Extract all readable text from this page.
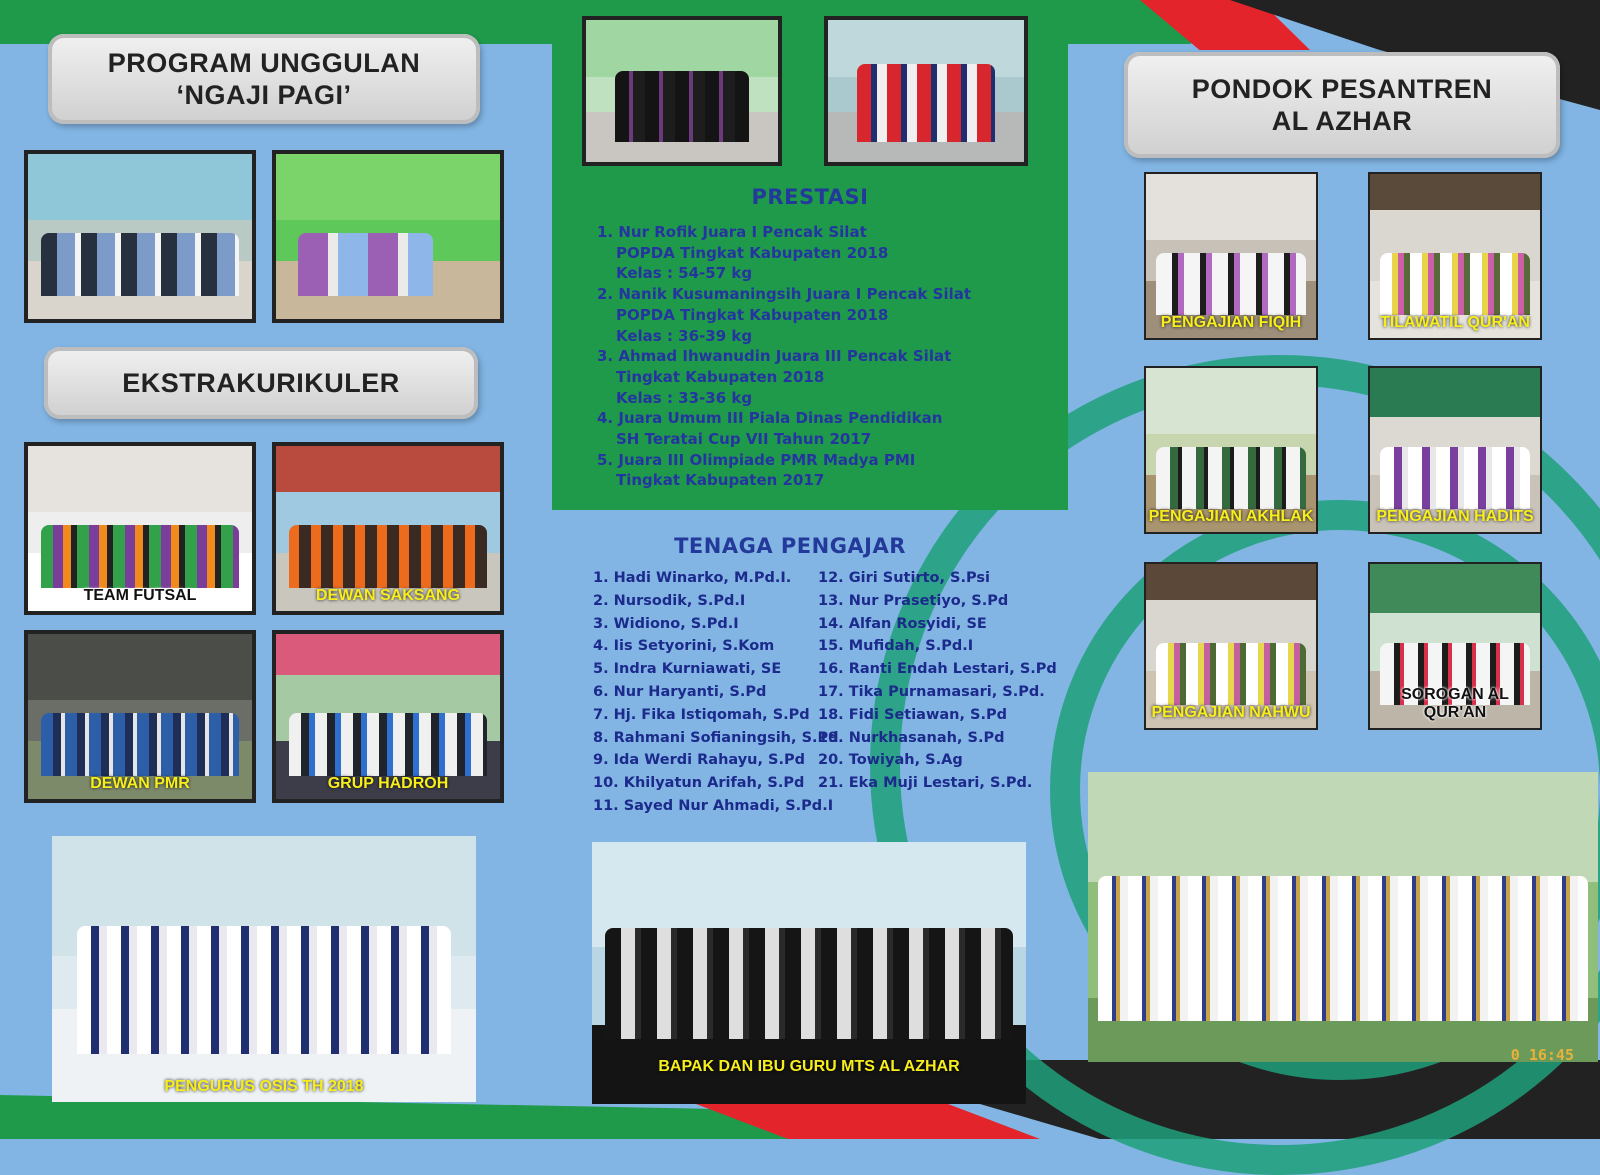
PROGRAM UNGGULAN
‘NGAJI PAGI’
EKSTRAKURIKULER
TEAM FUTSAL	DEWAN SAKSANG
DEWAN PMR	GRUP HADROH
PENGURUS OSIS TH 2018
PRESTASI
1. Nur Rofik Juara I Pencak Silat
POPDA Tingkat Kabupaten 2018
Kelas : 54-57 kg
2. Nanik Kusumaningsih Juara I Pencak Silat
POPDA Tingkat Kabupaten 2018
Kelas : 36-39 kg
3. Ahmad Ihwanudin Juara III Pencak Silat
Tingkat Kabupaten 2018
Kelas : 33-36 kg
4. Juara Umum III Piala Dinas Pendidikan
SH Teratai Cup VII Tahun 2017
5. Juara III Olimpiade PMR Madya PMI
Tingkat Kabupaten 2017
TENAGA PENGAJAR
1. Hadi Winarko, M.Pd.I.
2. Nursodik, S.Pd.I
3. Widiono, S.Pd.I
4. Iis Setyorini, S.Kom
5. Indra Kurniawati, SE
6. Nur Haryanti, S.Pd
7. Hj. Fika Istiqomah, S.Pd
8. Rahmani Sofianingsih, S.Pd
9. Ida Werdi Rahayu, S.Pd
10. Khilyatun Arifah, S.Pd
11. Sayed Nur Ahmadi, S.Pd.I
12. Giri Sutirto, S.Psi
13. Nur Prasetiyo, S.Pd
14. Alfan Rosyidi, SE
15. Mufidah, S.Pd.I
16. Ranti Endah Lestari, S.Pd
17. Tika Purnamasari, S.Pd.
18. Fidi Setiawan, S.Pd
19. Nurkhasanah, S.Pd
20. Towiyah, S.Ag
21. Eka Muji Lestari, S.Pd.
BAPAK DAN IBU GURU MTS AL AZHAR
PONDOK PESANTREN
AL AZHAR
PENGAJIAN FIQIH	TILAWATIL QUR'AN
PENGAJIAN AKHLAK	PENGAJIAN HADITS
PENGAJIAN NAHWU
SOROGAN AL QUR'AN
0 16:45
